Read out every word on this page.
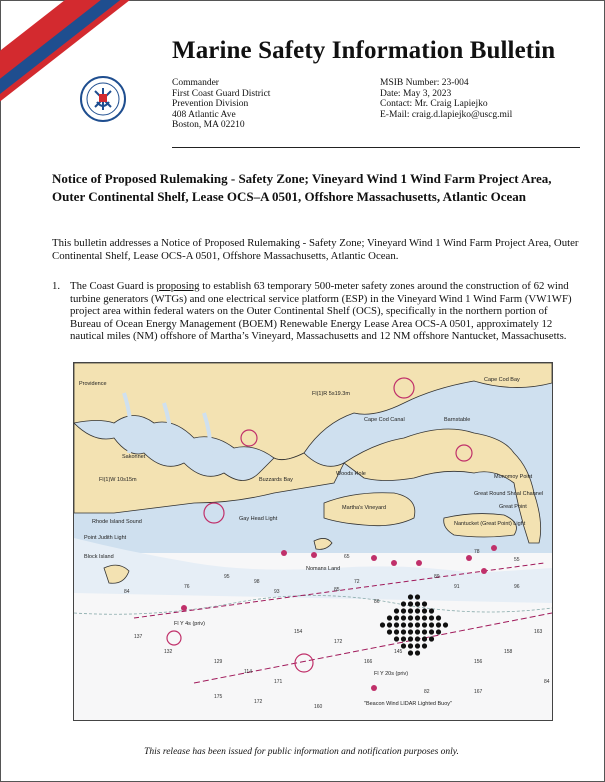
Marine Safety Information Bulletin
Commander
First Coast Guard District
Prevention Division
408 Atlantic Ave
Boston, MA 02210
MSIB Number: 23-004
Date: May 3, 2023
Contact: Mr. Craig Lapiejko
E-Mail: craig.d.lapiejko@uscg.mil
Notice of Proposed Rulemaking - Safety Zone; Vineyard Wind 1 Wind Farm Project Area, Outer Continental Shelf, Lease OCS–A 0501, Offshore Massachusetts, Atlantic Ocean
This bulletin addresses a Notice of Proposed Rulemaking - Safety Zone; Vineyard Wind 1 Wind Farm Project Area, Outer Continental Shelf, Lease OCS-A 0501, Offshore Massachusetts, Atlantic Ocean.
1. The Coast Guard is proposing to establish 63 temporary 500-meter safety zones around the construction of 62 wind turbine generators (WTGs) and one electrical service platform (ESP) in the Vineyard Wind 1 Wind Farm (VW1WF) project area within federal waters on the Outer Continental Shelf (OCS), specifically in the northern portion of Bureau of Ocean Energy Management (BOEM) Renewable Energy Lease Area OCS-A 0501, approximately 12 nautical miles (NM) offshore of Martha’s Vineyard, Massachusetts and 12 NM offshore Nantucket, Massachusetts.
Providence
Buzzards Bay
Cape Cod Canal
Cape Cod Bay
Barnstable
Woods Hole
Martha's Vineyard
Nantucket (Great Point) Light
Nomans Land
Rhode Island Sound
Block Island
Point Judith Light
Monomoy Point
Great Round Shoal Channel
Great Point
"Beacon Wind LIDAR Lighted Buoy"
Fl(1)R 5s19.3m
Fl(1)W 10s15m
Fl Y 4s (priv)
Fl Y 20s (priv)
Gay Head Light
Sakonnet
95
98
93	85
72
91	96
137
132
129
114
171
154
172
166
145
156
158
163
175
172
160
167
84
76
78
55
65
89
86
82
84
This release has been issued for public information and notification purposes only.
